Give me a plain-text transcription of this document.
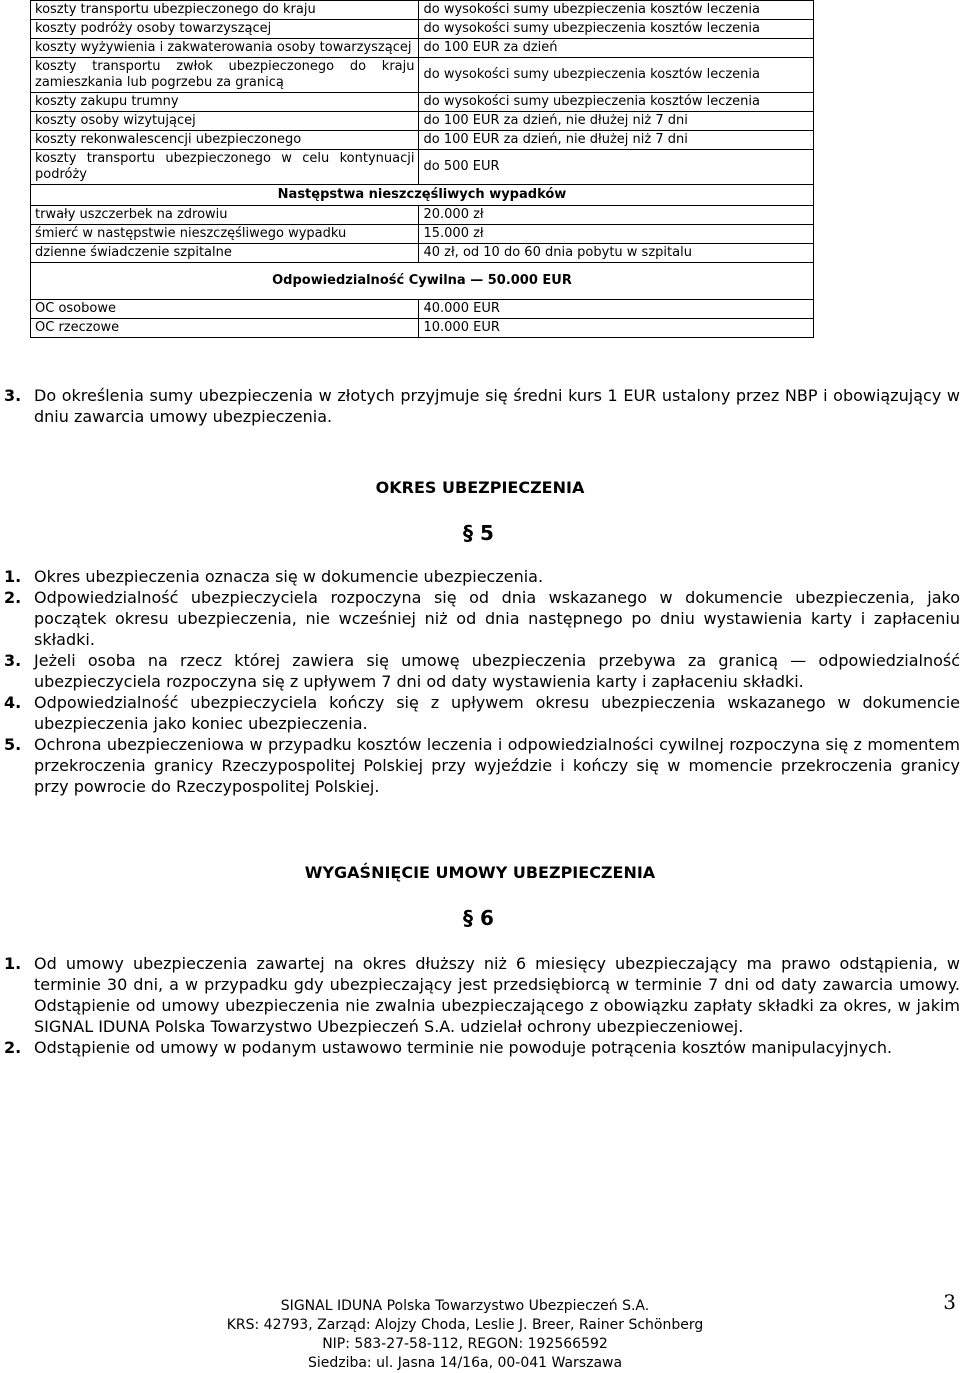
koszty transportu ubezpieczonego do kraju	do wysokości sumy ubezpieczenia kosztów leczenia
koszty podróży osoby towarzyszącej	do wysokości sumy ubezpieczenia kosztów leczenia
koszty wyżywienia i zakwaterowania osoby towarzyszącej	do 100 EUR za dzień
koszty transportu zwłok ubezpieczonego do kraju zamieszkania lub pogrzebu za granicą	do wysokości sumy ubezpieczenia kosztów leczenia
koszty zakupu trumny	do wysokości sumy ubezpieczenia kosztów leczenia
koszty osoby wizytującej	do 100 EUR za dzień, nie dłużej niż 7 dni
koszty rekonwalescencji ubezpieczonego	do 100 EUR za dzień, nie dłużej niż 7 dni
koszty transportu ubezpieczonego w celu kontynuacji podróży	do 500 EUR
Następstwa nieszczęśliwych wypadków	
trwały uszczerbek na zdrowiu	20.000 zł
śmierć w następstwie nieszczęśliwego wypadku	15.000 zł
dzienne świadczenie szpitalne	40 zł, od 10 do 60 dnia pobytu w szpitalu
Odpowiedzialność Cywilna — 50.000 EUR	
OC osobowe	40.000 EUR
OC rzeczowe	10.000 EUR
3. Do określenia sumy ubezpieczenia w złotych przyjmuje się średni kurs 1 EUR ustalony przez NBP i obowiązujący w dniu zawarcia umowy ubezpieczenia.
OKRES UBEZPIECZENIA
§ 5
1. Okres ubezpieczenia oznacza się w dokumencie ubezpieczenia.
2. Odpowiedzialność ubezpieczyciela rozpoczyna się od dnia wskazanego w dokumencie ubezpieczenia, jako początek okresu ubezpieczenia, nie wcześniej niż od dnia następnego po dniu wystawienia karty i zapłaceniu składki.
3. Jeżeli osoba na rzecz której zawiera się umowę ubezpieczenia przebywa za granicą — odpowiedzialność ubezpieczyciela rozpoczyna się z upływem 7 dni od daty wystawienia karty i zapłaceniu składki.
4. Odpowiedzialność ubezpieczyciela kończy się z upływem okresu ubezpieczenia wskazanego w dokumencie ubezpieczenia jako koniec ubezpieczenia.
5. Ochrona ubezpieczeniowa w przypadku kosztów leczenia i odpowiedzialności cywilnej rozpoczyna się z momentem przekroczenia granicy Rzeczypospolitej Polskiej przy wyjeździe i kończy się w momencie przekroczenia granicy przy powrocie do Rzeczypospolitej Polskiej.
WYGAŚNIĘCIE UMOWY UBEZPIECZENIA
§ 6
1. Od umowy ubezpieczenia zawartej na okres dłuższy niż 6 miesięcy ubezpieczający ma prawo odstąpienia, w terminie 30 dni, a w przypadku gdy ubezpieczający jest przedsiębiorcą w terminie 7 dni od daty zawarcia umowy. Odstąpienie od umowy ubezpieczenia nie zwalnia ubezpieczającego z obowiązku zapłaty składki za okres, w jakim SIGNAL IDUNA Polska Towarzystwo Ubezpieczeń S.A. udzielał ochrony ubezpieczeniowej.
2. Odstąpienie od umowy w podanym ustawowo terminie nie powoduje potrącenia kosztów manipulacyjnych.
SIGNAL IDUNA Polska Towarzystwo Ubezpieczeń S.A.
KRS: 42793, Zarząd: Alojzy Choda, Leslie J. Breer, Rainer Schönberg
NIP: 583-27-58-112, REGON: 192566592
Siedziba: ul. Jasna 14/16a, 00-041 Warszawa
3
